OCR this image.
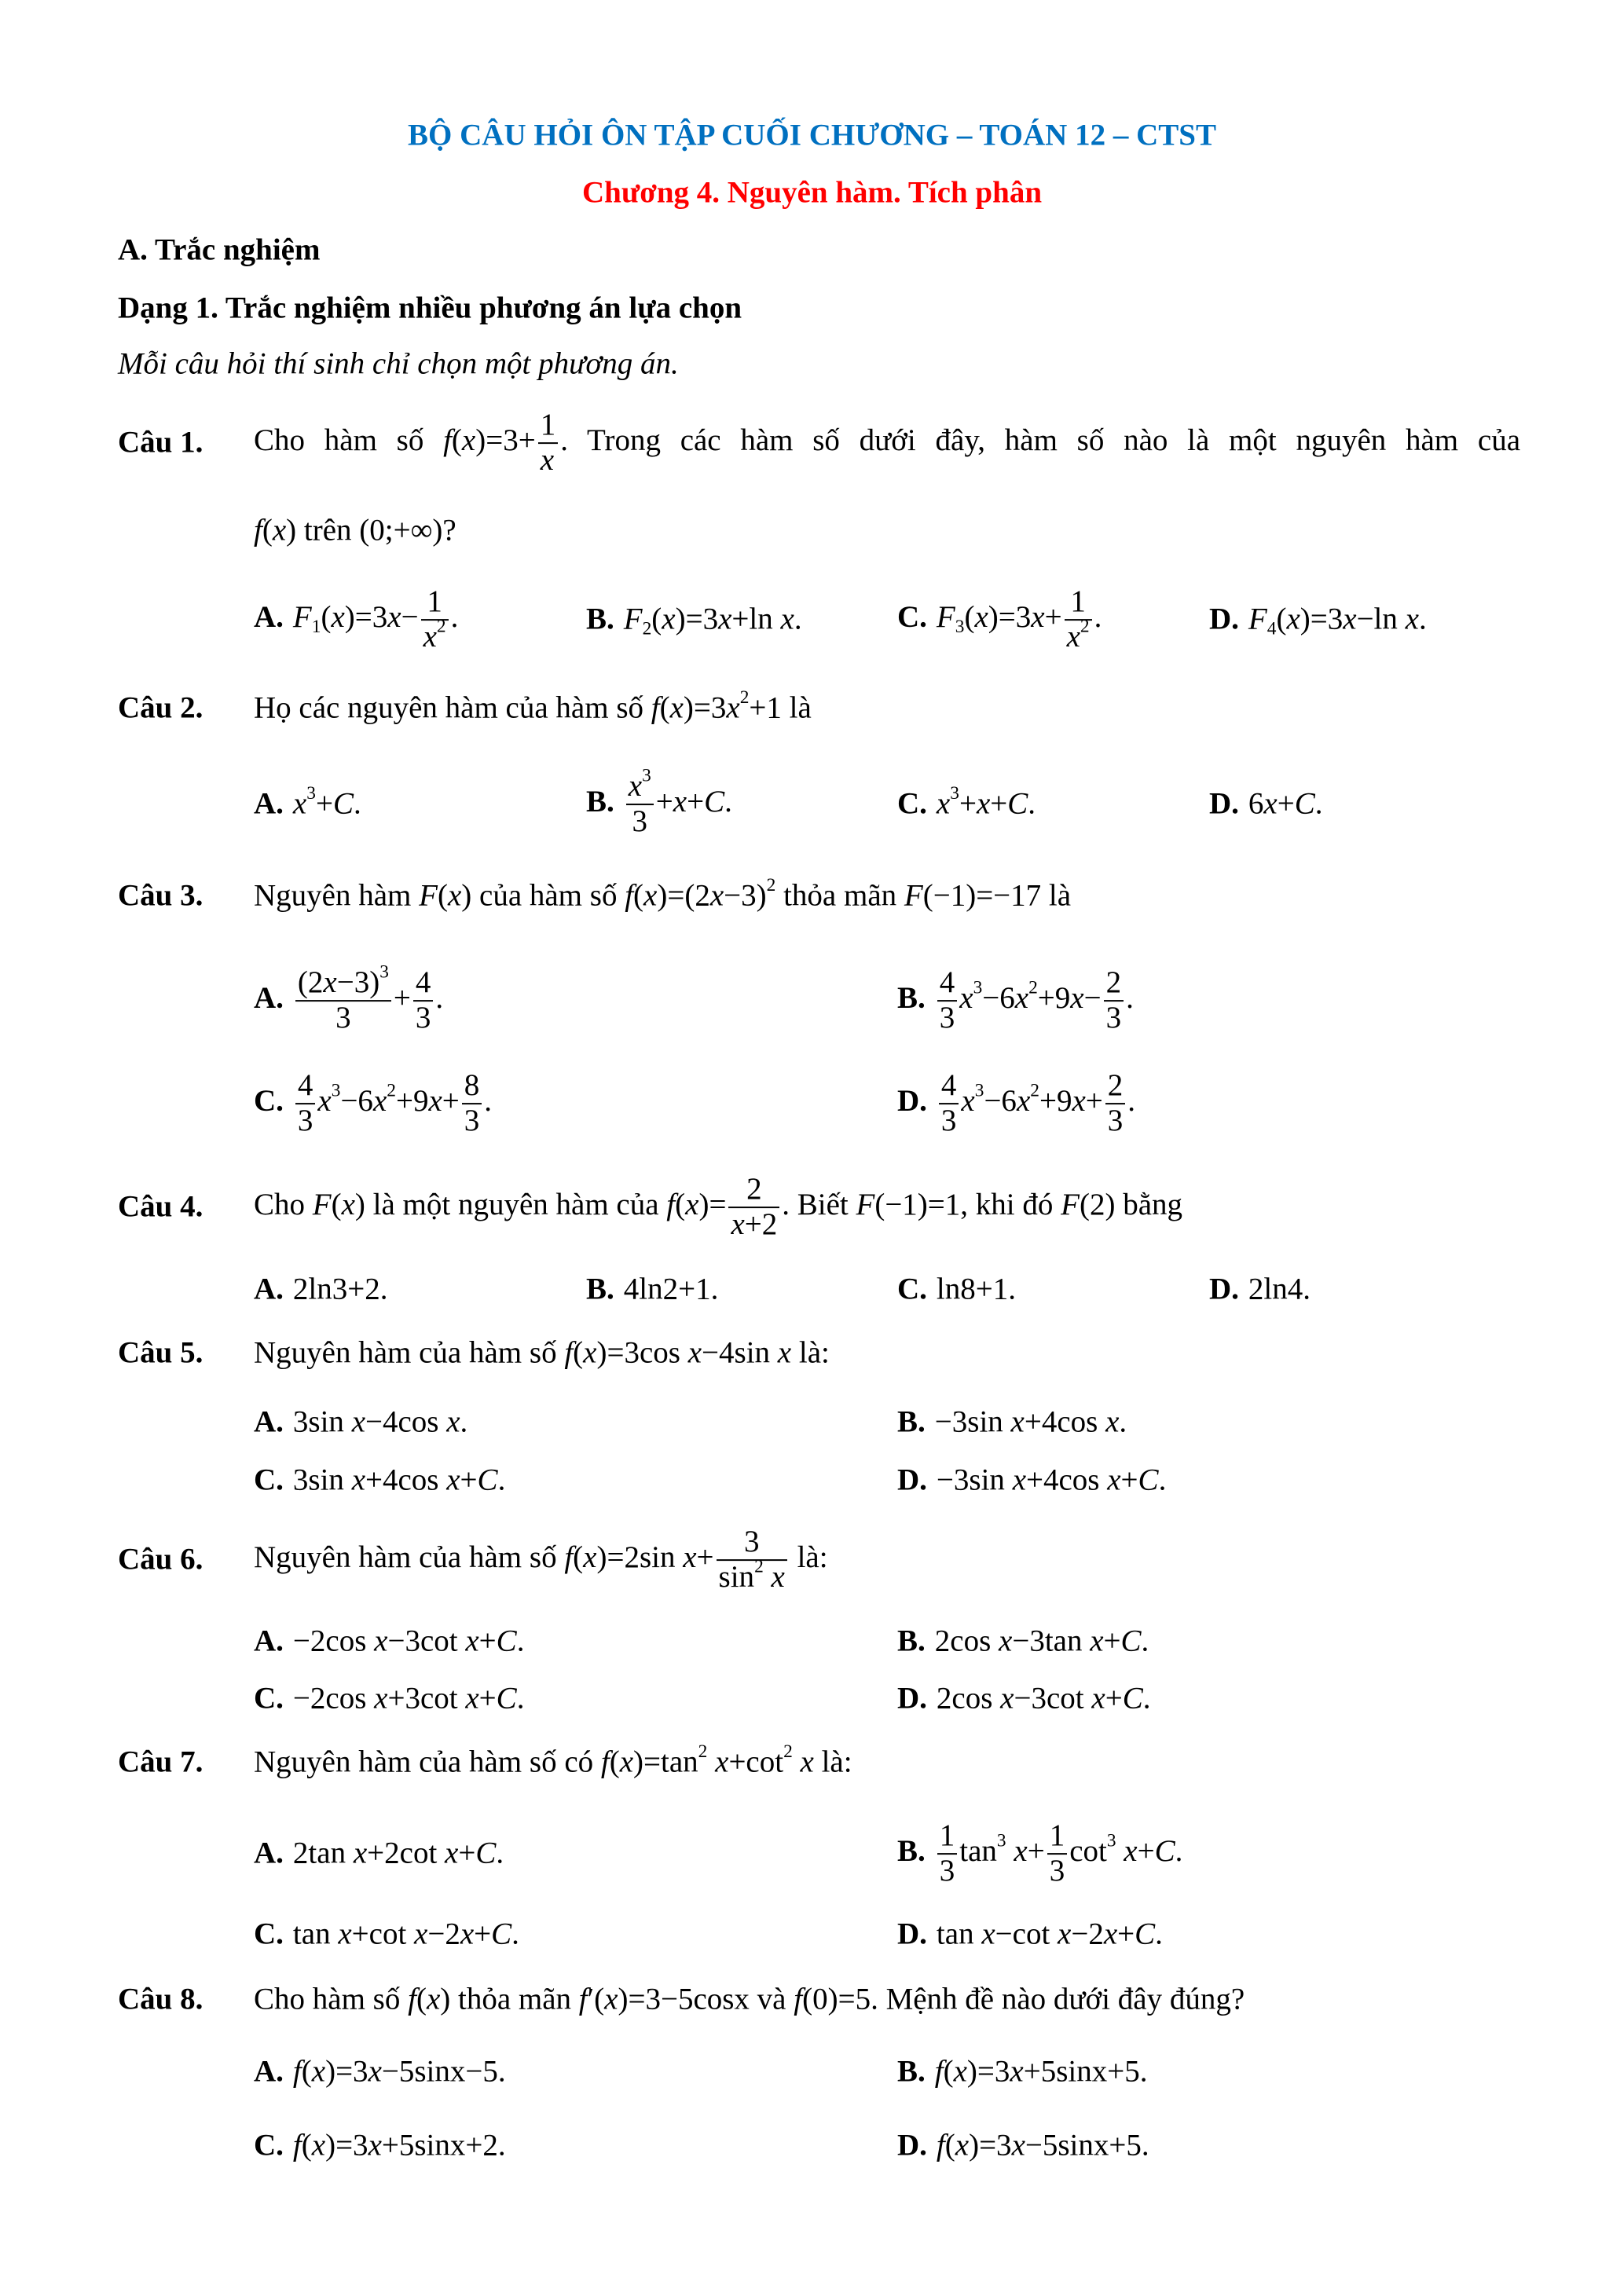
BỘ CÂU HỎI ÔN TẬP CUỐI CHƯƠNG – TOÁN 12 – CTST
Chương 4. Nguyên hàm. Tích phân
A. Trắc nghiệm
Dạng 1. Trắc nghiệm nhiều phương án lựa chọn
Mỗi câu hỏi thí sinh chỉ chọn một phương án.
Câu 1. Cho hàm số $f(x)=3+ \frac{1}{x}$ . Trong các hàm số dưới đây, hàm số nào là một nguyên hàm của
f(x) trên (0;+∞)?
A. $F_1(x)=3x- \frac{1}{x^2}$ .	B. $F_2(x)=3x+\ln$ x.	C. $F_3(x)=3x+ \frac{1}{x^2}$ .	D. $F_4(x)=3x-\ln$ x.
Câu 2. Họ các nguyên hàm của hàm số $f(x)=3x^2+1$ là
A. $x^3+C$.	B. $\frac{x^3}{3} +x+C$.	C. $x^3+x+C$.	D. 6x+C.
Câu 3. Nguyên hàm F(x) của hàm số $f(x)=(2x-3)^2$ thỏa mãn F(−1)=−17 là
A. $\frac{(2x-3)^3}{3} + \frac{4}{3}$ .	B. $\frac{4}{3} x^3-6x^2+9x- \frac{2}{3}$ .
C. $\frac{4}{3} x^3-6x^2+9x+ \frac{8}{3}$ .	D. $\frac{4}{3} x^3-6x^2+9x+ \frac{2}{3}$ .
Câu 4. Cho F(x) là một nguyên hàm của $f(x)= \frac{2}{x+2}$ . Biết F(−1)=1, khi đó F(2) bằng
A. 2ln3+2.	B. 4ln2+1.	C. ln8+1.	D. 2ln4.
Câu 5. Nguyên hàm của hàm số f(x)=3cos x−4sin x là:
A. 3sin x−4cos x.	B. −3sin x+4cos x.
C. 3sin x+4cos x+C.	D. −3sin x+4cos x+C.
Câu 6. Nguyên hàm của hàm số f(x)=2sin $x+ \frac{3}{\sin^2 x}$ là:
A. −2cos x−3cot x+C.	B. 2cos x−3tan x+C.
C. −2cos x+3cot x+C.	D. 2cos x−3cot x+C.
Câu 7. Nguyên hàm của hàm số có $f(x)=\tan^2$ $x+\cot^2$ x là:
A. 2tan x+2cot x+C.	B. $\frac{1}{3} \tan^3 x+ \frac{1}{3} \cot^3 x+C$.
C. tan x+cot x−2x+C.	D. tan x−cot x−2x+C.
Câu 8. Cho hàm số f(x) thỏa mãn f′(x)=3−5cosx và f(0)=5. Mệnh đề nào dưới đây đúng?
A. f(x)=3x−5sinx−5.	B. f(x)=3x+5sinx+5.
C. f(x)=3x+5sinx+2.	D. f(x)=3x−5sinx+5.
